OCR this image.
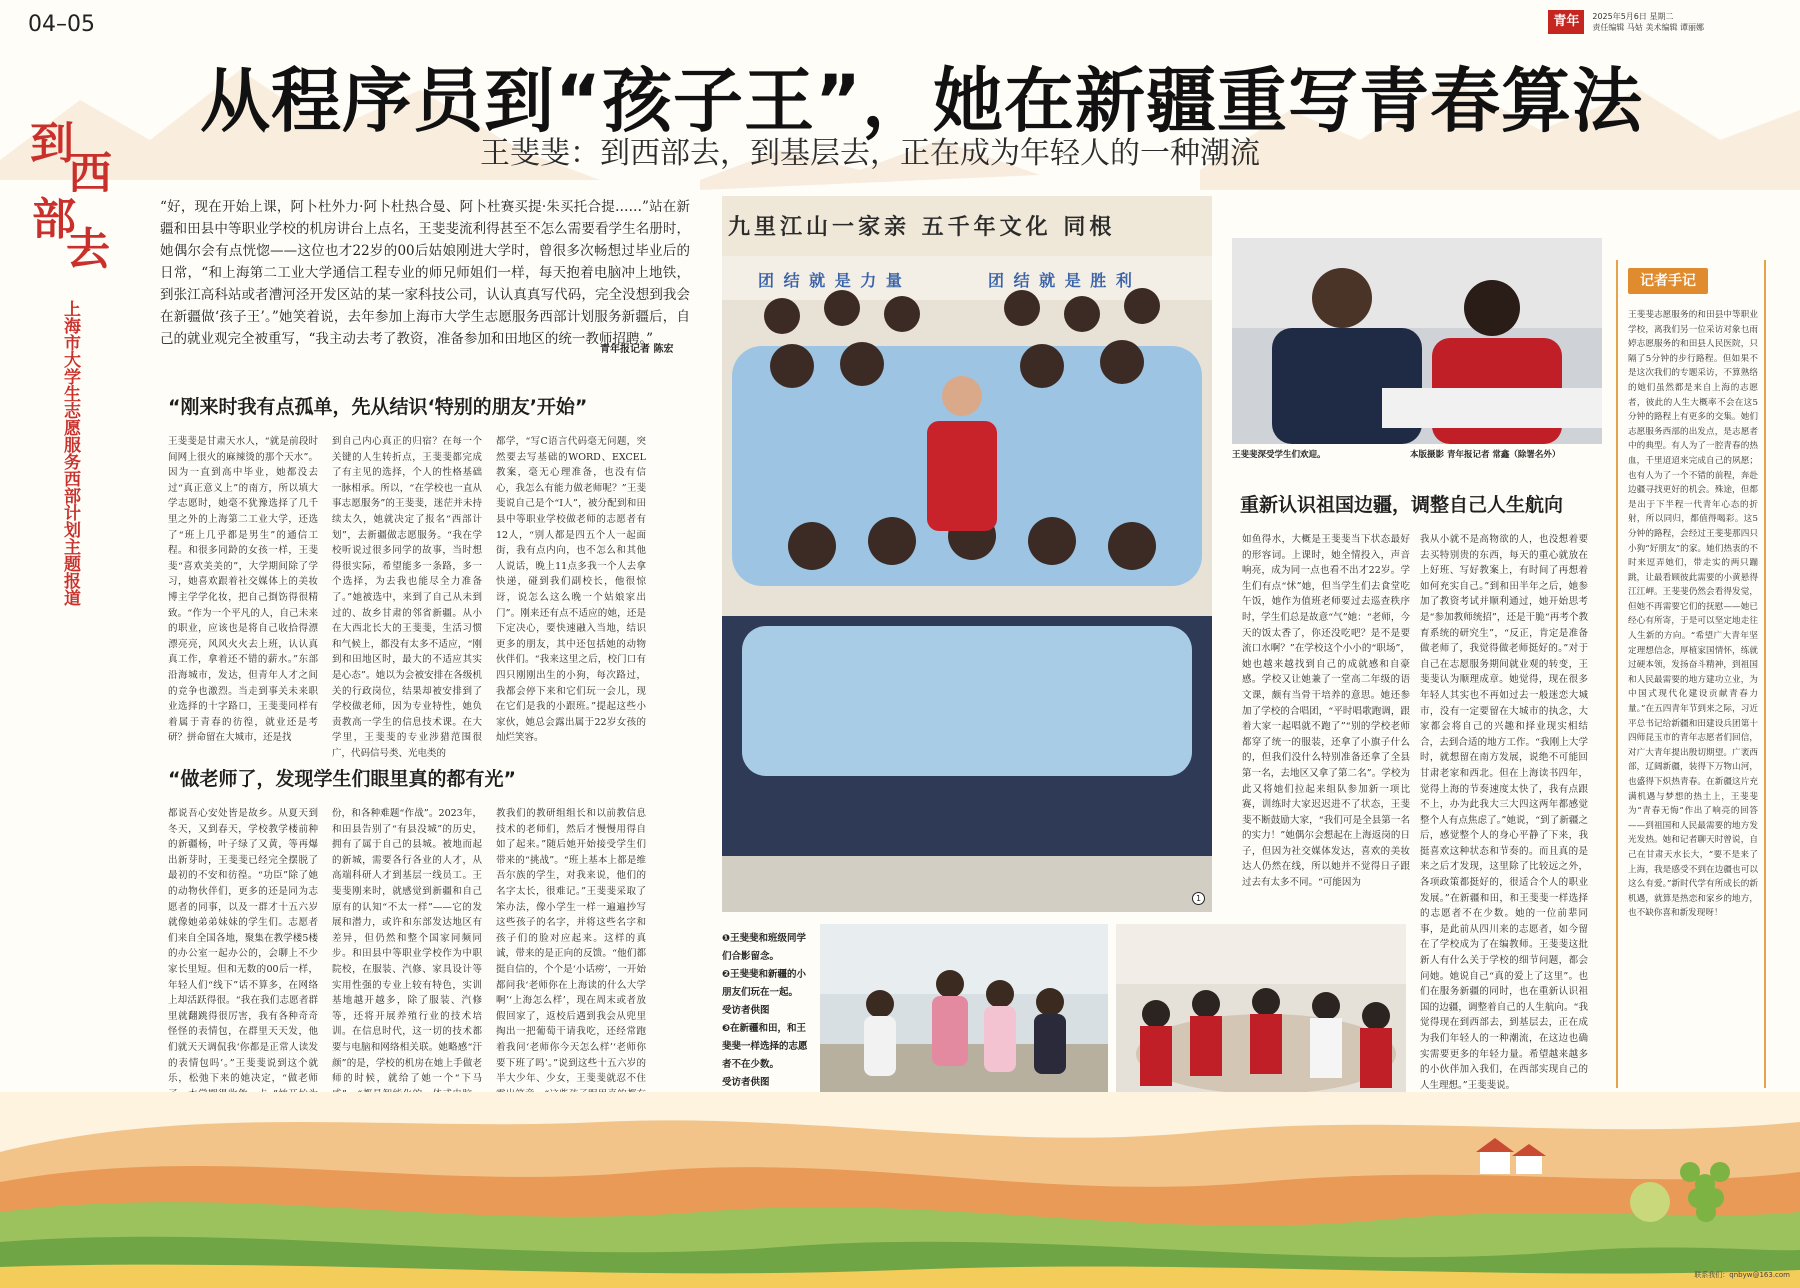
04–05	青年	2025年5月6日 星期二
责任编辑 马姑 美术编辑 谭丽娜
从程序员到“孩子王”，她在新疆重写青春算法
王斐斐：到西部去，到基层去，正在成为年轻人的一种潮流
到
西
部
去
上海市大学生志愿服务西部计划主题报道

“好，现在开始上课，阿卜杜外力·阿卜杜热合曼、阿卜杜赛买提·朱买托合提……”站在新疆和田县中等职业学校的机房讲台上点名，王斐斐流利得甚至不怎么需要看学生名册时，她偶尔会有点恍惚——这位也才22岁的00后姑娘刚进大学时，曾很多次畅想过毕业后的日常，“和上海第二工业大学通信工程专业的师兄师姐们一样，每天抱着电脑冲上地铁，到张江高科站或者漕河泾开发区站的某一家科技公司，认认真真写代码，完全没想到我会在新疆做‘孩子王’。”她笑着说，去年参加上海市大学生志愿服务西部计划服务新疆后，自己的就业观完全被重写，“我主动去考了教资，准备参加和田地区的统一教师招聘。”

青年报记者 陈宏
“刚来时我有点孤单，先从结识‘特别的朋友’开始”
“做老师了，发现学生们眼里真的都有光”
重新认识祖国边疆，调整自己人生航向

王斐斐是甘肃天水人，“就是前段时间网上很火的麻辣烫的那个天水”。因为一直到高中毕业，她都没去过“真正意义上”的南方，所以填大学志愿时，她毫不犹豫选择了几千里之外的上海第二工业大学，还选了“班上几乎都是男生”的通信工程。和很多同龄的女孩一样，王斐斐“喜欢美美的”，大学期间除了学习，她喜欢跟着社交媒体上的美妆博主学学化妆，把自己捯饬得很精致。“作为一个平凡的人，自己未来的职业，应该也是将自己收拾得漂漂亮亮，风风火火去上班，认认真真工作，拿着还不错的薪水。”东部沿海城市，发达，但青年人才之间的竞争也激烈。当走到事关未来职业选择的十字路口，王斐斐同样有着属于青春的彷徨，就业还是考研？拼命留在大城市，还是找

到自己内心真正的归宿？在每一个关键的人生转折点，王斐斐都完成了有主见的选择，个人的性格基础一脉相承。所以，“在学校也一直从事志愿服务”的王斐斐，迷茫并未持续太久，她就决定了报名“西部计划”，去新疆做志愿服务。“我在学校听说过很多同学的故事，当时想得很实际，希望能多一条路，多一个选择，为去我也能尽全力准备了。”她被选中，来到了自己从未到过的、故乡甘肃的邻省新疆。从小在大西北长大的王斐斐，生活习惯和气候上，都没有太多不适应，“刚到和田地区时，最大的不适应其实是心态”。她以为会被安排在各级机关的行政岗位，结果却被安排到了学校做老师，因为专业特性，她负责教高一学生的信息技术课。在大学里，王斐斐的专业涉猎范围很广，代码信号类、光电类的

都学，“写C语言代码毫无问题，突然要去写基础的WORD、EXCEL教案，毫无心理准备，也没有信心，我怎么有能力做老师呢？”王斐斐说自己是个“I人”，被分配到和田县中等职业学校做老师的志愿者有12人，“别人都是四五个人一起面街，我有点内向，也不怎么和其他人说话，晚上11点多我一个人去拿快递，碰到我们副校长，他很惊讶，说怎么这么晚一个姑娘家出门”。刚来还有点不适应的她，还是下定决心，要快速融入当地，结识更多的朋友，其中还包括她的动物伙伴们。“我来这里之后，校门口有四只刚刚出生的小狗，每次路过，我都会停下来和它们玩一会儿，现在它们是我的小跟班。”提起这些小家伙，她总会露出属于22岁女孩的灿烂笑容。

都说吾心安处皆是故乡。从夏天到冬天，又到春天，学校教学楼前种的新疆杨，叶子绿了又黄，等再爆出新芽时，王斐斐已经完全摆脱了最初的不安和彷徨。“功臣”除了她的动物伙伴们，更多的还是同为志愿者的同事，以及一群才十五六岁就像她弟弟妹妹的学生们。志愿者们来自全国各地，聚集在教学楼5楼的办公室一起办公的，会聊上不少家长里短。但和无数的00后一样，年轻人们“线下”话不算多，在网络上却活跃得很。“我在我们志愿者群里就翻跳得很厉害，我有各种奇奇怪怪的表情包，在群里天天发，他们就天天调侃我‘你都是正常人读发的表情包吗’。”王斐斐说到这个就乐，松弛下来的她决定，“做老师

份，和各种难题“作战”。2023年，和田县告别了“有县没城”的历史，拥有了属于自己的县城。被地而起的新城，需要各行各业的人才，从高端科研人才到基层一线员工。王斐斐刚来时，就感觉到新疆和自己原有的认知“不太一样”——它的发展和潜力，或许和东部发达地区有差异，但仍然和整个国家同频同步。和田县中等职业学校作为中职院校，在服装、汽修、家具设计等实用性强的专业上较有特色，实训基地越开越多，除了服装、汽修等，还将开展养殖行业的技术培训。在信息时代，这一切的技术都要与电脑和网络相关联。她略感“汗颜”的是，学校的机房在她上手做老师的时候，就给了她一个“下马

教我们的教研组组长和以前教信息技术的老师们，然后才慢慢用得自如了起来。”随后她开始接受学生们带来的“挑战”。“班上基本上都是维吾尔族的学生，对我来说，他们的名字太长，很难记。”王斐斐采取了笨办法，像小学生一样一遍遍抄写这些孩子的名字，并将这些名字和孩子们的脸对应起来。这样的真诚，带来的是正向的反馈。“他们都挺自信的，个个是‘小话痨’，一开始都问我‘老师你在上海读的什么大学啊’‘上海怎么样’，现在周末或者放假回家了，返校后遇到我会从兜里掏出一把葡萄干请我吃，还经常跑着我问‘老师你今天怎么样’‘老师你要下班了吗’。”说到这些十五六岁的半大少年、少女，王斐斐就忍不住

如鱼得水，大概是王斐斐当下状态最好的形容词。上课时，她全情投入，声音响亮，成为同一点也看不出才22岁。学生们有点“怵”她，但当学生们去食堂吃午饭，她作为值班老师要过去巡查秩序时，学生们总是故意“气”她：“老师，今天的饭太香了，你还没吃吧？是不是要流口水啊？”在学校这个小小的“职场”，她也越来越找到自己的成就感和自豪感。学校又让她兼了一堂高二年级的语文课，颇有当骨干培养的意思。她还参加了学校的合唱团，“平时唱歌跑调，跟着大家一起唱就不跑了”“别的学校老师都穿了统一的服装，还拿了小旗子什么的，但我们没什么特别准备还拿了全县第一名，去地区又拿了第二名”。学校为此又将她们拉起来组队参加新一项比赛，训练时大家迟迟进不了状态，王斐斐不断鼓励大家，“我们可是全县第一名的实力！”她偶尔会想起在上海返岗的日子，但因为社交媒体发达，喜欢的美妆达人仍然在线，所以她并不觉得日子跟过去有太多不同。“可能因为

我从小就不是高物欲的人，也没想着要去买特别贵的东西，每天的重心就放在上好班、写好教案上，有时间了再想着如何充实自己。”到和田半年之后，她参加了教资考试并顺利通过，她开始思考是“参加教师统招”，还是干脆“再考个教育系统的研究生”，“反正，肯定是准备做老师了，我觉得做老师挺好的。”对于自己在志愿服务期间就业观的转变，王斐斐认为顺理成章。她觉得，现在很多年轻人其实也不再如过去一般迷恋大城市，没有一定要留在大城市的执念，大家都会将自己的兴趣和择业现实相结合，去到合适的地方工作。“我刚上大学时，就想留在南方发展，说绝不可能回甘肃老家和西北。但在上海读书四年，觉得上海的节奏速度太快了，我有点跟不上，办为此我大三大四这两年都感觉整个人有点焦虑了。”她说，“到了新疆之后，感觉整个人的身心平静了下来，我挺喜欢这种状态和节奏的。而且真的是来之后才发现，这里除了比较远之外，各项政策都挺好的，很适合个人的职业发展。”在新疆和田，和王斐斐一样选择的志愿者不在少数。她的一位前辈同事，是此前从四川来的志愿者，如今留在了学校成为了在编教师。王斐斐这批新人有什么关于学校的细节问题，都会问她。她说自己“真的爱上了这里”。也们在服务新疆的同时，也在重新认识祖国的边疆，调整着自己的人生航向。“我觉得现在到西部去，到基层去，正在成为我们年轻人的一种潮流，在这边也确实需要更多的年轻力量。希望越来越多的小伙伴加入我们，在西部实现自己的人生理想。”王斐斐说。

九里江山一家亲 五千年文化 同根
团 结 就 是 力 量	团 结 就 是 胜 利
1
王斐斐深受学生们欢迎。	本版摄影 青年报记者 常鑫（除署名外）
❶王斐斐和班级同学们合影留念。
❷王斐斐和新疆的小朋友们玩在一起。
受访者供图
❸在新疆和田，和王斐斐一样选择的志愿者不在少数。
受访者供图
记者手记

王斐斐志愿服务的和田县中等职业学校，离我们另一位采访对象乜雨婷志愿服务的和田县人民医院，只隔了5分钟的步行路程。但如果不是这次我们的专题采访，不算熟络的她们虽然都是来自上海的志愿者，彼此的人生大概率不会在这5分钟的路程上有更多的交集。她们志愿服务西部的出发点，是志愿者中的典型。有人为了一腔青春的热血，千里迢迢来完成自己的夙愿；也有人为了一个不错的前程，奔赴边疆寻找更好的机会。殊途，但都是出于下半程一代青年心态的折射，所以同归，都值得喝彩。这5分钟的路程，会经过王斐斐那四只小狗“好朋友”的家。她们热衷的不时来逗弄她们，带走实的两只蹦跳，让最看顾彼此需要的小黄悬得江江岬。王斐斐仍然会看得发觉，但她不再需要它们的抚慰——她已经心有所寄，于是可以坚定地走往人生新的方向。“希望广大青年坚定理想信念，厚植家国情怀，练就过硬本领，发扬奋斗精神，到祖国和人民最需要的地方建功立业，为中国式现代化建设贡献青春力量。”在五四青年节到来之际，习近平总书记给新疆和田建设兵团第十四师昆玉市的青年志愿者们回信，对广大青年提出殷切期望。广袤西部，辽阔新疆，装得下万物山河，也盛得下炽热青春。在新疆这片充满机遇与梦想的热土上，王斐斐为“青春无悔”作出了响亮的回答——到祖国和人民最需要的地方发光发热。她和记者聊天时曾说，自己在甘肃天水长大，“要不是来了上海，我是感受不到在边疆也可以这么有爱。”新时代学有所成长的新机遇，就算是热恋和家乡的地方，也不缺你喜和新发现呀！

联系我们：qnbyw@163.com
